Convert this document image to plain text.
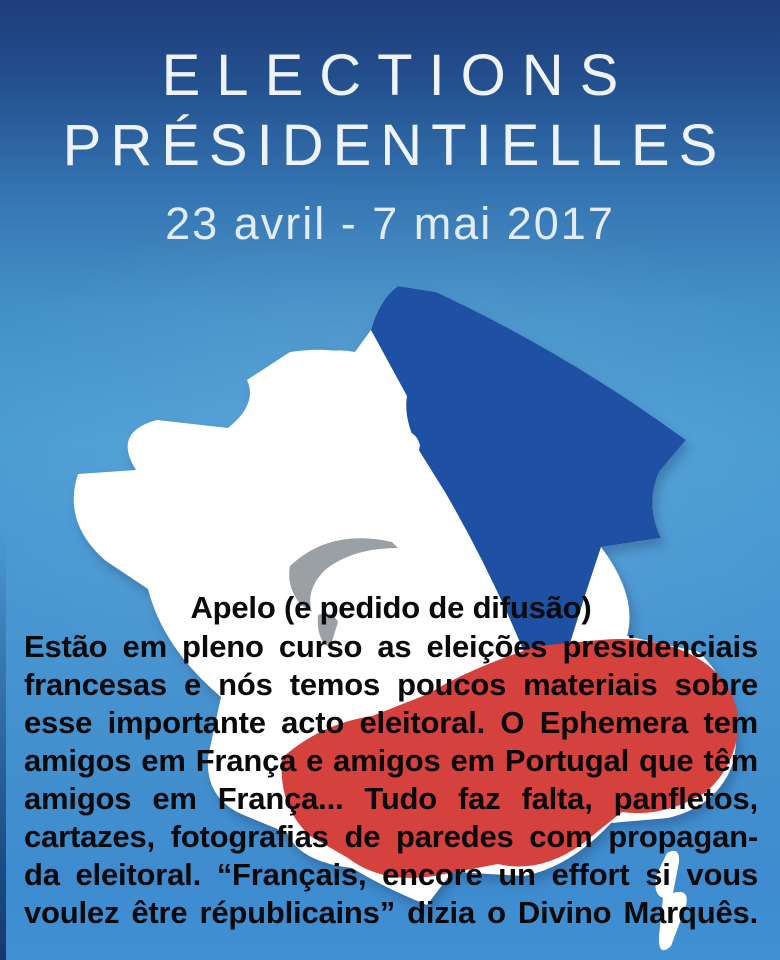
ELECTIONS
PRÉSIDENTIELLES
23 avril - 7 mai 2017
Apelo (e pedido de difusão)
Estão em pleno curso as eleições presidenciais
francesas e nós temos poucos materiais sobre
esse importante acto eleitoral. O Ephemera tem
amigos em França e amigos em Portugal que têm
amigos em França... Tudo faz falta, panfletos,
cartazes, fotografias de paredes com propagan-
da eleitoral. “Français, encore un effort si vous
voulez être républicains” dizia o Divino Marquês.
